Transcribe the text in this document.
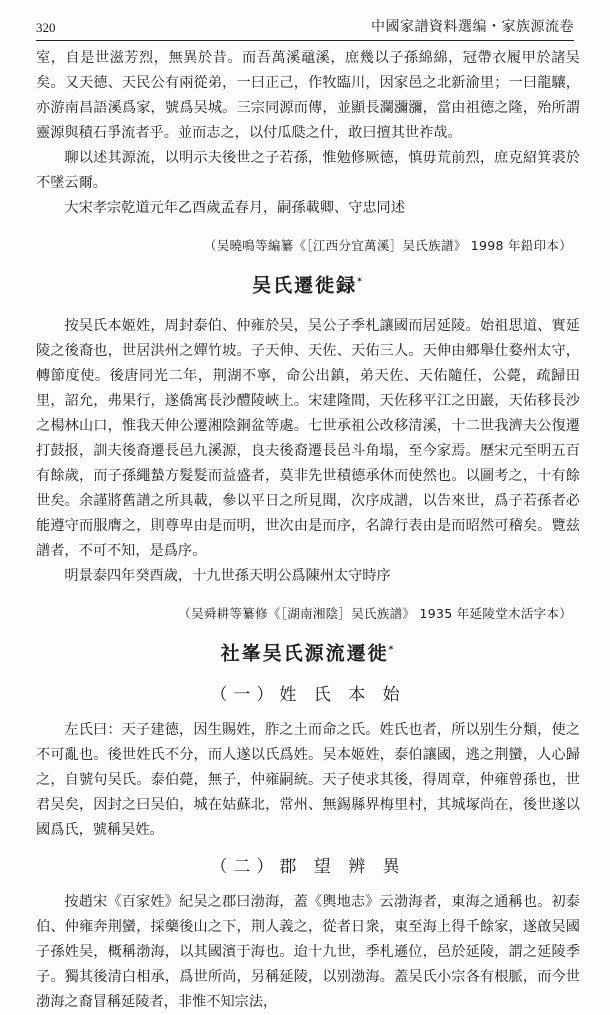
320	中國家譜資料選编・家族源流卷

室，自是世滋芳烈，無異於昔。而吾萬溪黿溪，庶幾以子孫綿綿，冠帶衣履甲於諸吴矣。又天德、天民公有兩從弟，一曰正己，作牧臨川，因家邑之北新渝里；一曰龍驤，亦游南昌語溪爲家，號爲吴城。三宗同源而傳，並顯長瀾瀰瀰，當由祖德之隆，殆所謂靈源與積石爭流者乎。並而志之，以付瓜瓞之什，敢曰擅其世祚哉。

聊以述其源流，以明示夫後世之子若孫，惟勉修厥德，慎毋荒前烈，庶克紹箕裘於不墜云爾。

大宋孝宗乾道元年乙酉歲孟春月，嗣孫載卿、守忠同述

（吴曉鳴等編纂《［江西分宜萬溪］吴氏族譜》 1998 年鉛印本）
吴氏遷徙録*

按吴氏本姬姓，周封泰伯、仲雍於吴，吴公子季札讓國而居延陵。始祖思道、實延陵之後裔也，世居洪州之嬋竹坡。子天伸、天佐、天佑三人。天伸由郷舉仕婺州太守，轉節度使。後唐同光二年，荆湖不寧，命公出鎮，弟天佐、天佑隨任，公薨，疏歸田里，詔允，弗果行，遂僑寓長沙醴陵峽上。宋建隆間，天佐移平江之田巖，天佑移長沙之楊林山口，惟我天伸公遷湘陰銅盆等處。七世承祖公改移清溪，十二世我濟夫公復遷打鼓报，訓夫後裔遷長邑九溪源，良夫後裔遷長邑斗角塌，至今家焉。歷宋元至明五百有餘歲，而子孫繩蟄方髮髮而益盛者，莫非先世積德承休而使然也。以圖考之，十有餘世矣。余謹將舊譜之所具載，參以平日之所見聞，次序成譜，以告來世，爲子若孫者必能遵守而服膺之，則尊卑由是而明，世次由是而序，名諱行表由是而昭然可稽矣。覽兹譜者，不可不知，是爲序。

明景泰四年癸酉歲，十九世孫天明公爲陳州太守時序

（吴舜耕等纂修《［湖南湘陰］吴氏族譜》 1935 年延陵堂木活字本）
社峯吴氏源流遷徙*
（一）姓 氏 本 始

左氏曰：天子建德，因生賜姓，胙之土而命之氏。姓氏也者，所以别生分類，使之不可亂也。後世姓氏不分，而人遂以氏爲姓。吴本姬姓，泰伯讓國，逃之荆蠻，人心歸之，自號句吴氏。泰伯薨，無子，仲雍嗣統。天子使求其後，得周章，仲雍曾孫也，世君吴矣，因封之曰吴伯，城在姑蘇北，常州、無錫縣界梅里村，其城塚尚在，後世遂以國爲氏，號稱吴姓。

（二）郡 望 辨 異

按趙宋《百家姓》紀吴之郡曰渤海，蓋《輿地志》云渤海者，東海之通稱也。初泰伯、仲雍奔荆蠻，採藥後山之下，荆人義之，從者日衆，東至海上得千餘家，遂啟吴國子孫姓吴，概稱渤海，以其國濱于海也。迨十九世，季札遜位，邑於延陵，謂之延陵季子。獨其後清白相承，爲世所尚，另稱延陵，以别渤海。蓋吴氏小宗各有根脈，而今世渤海之裔冒稱延陵者，非惟不知宗法，
